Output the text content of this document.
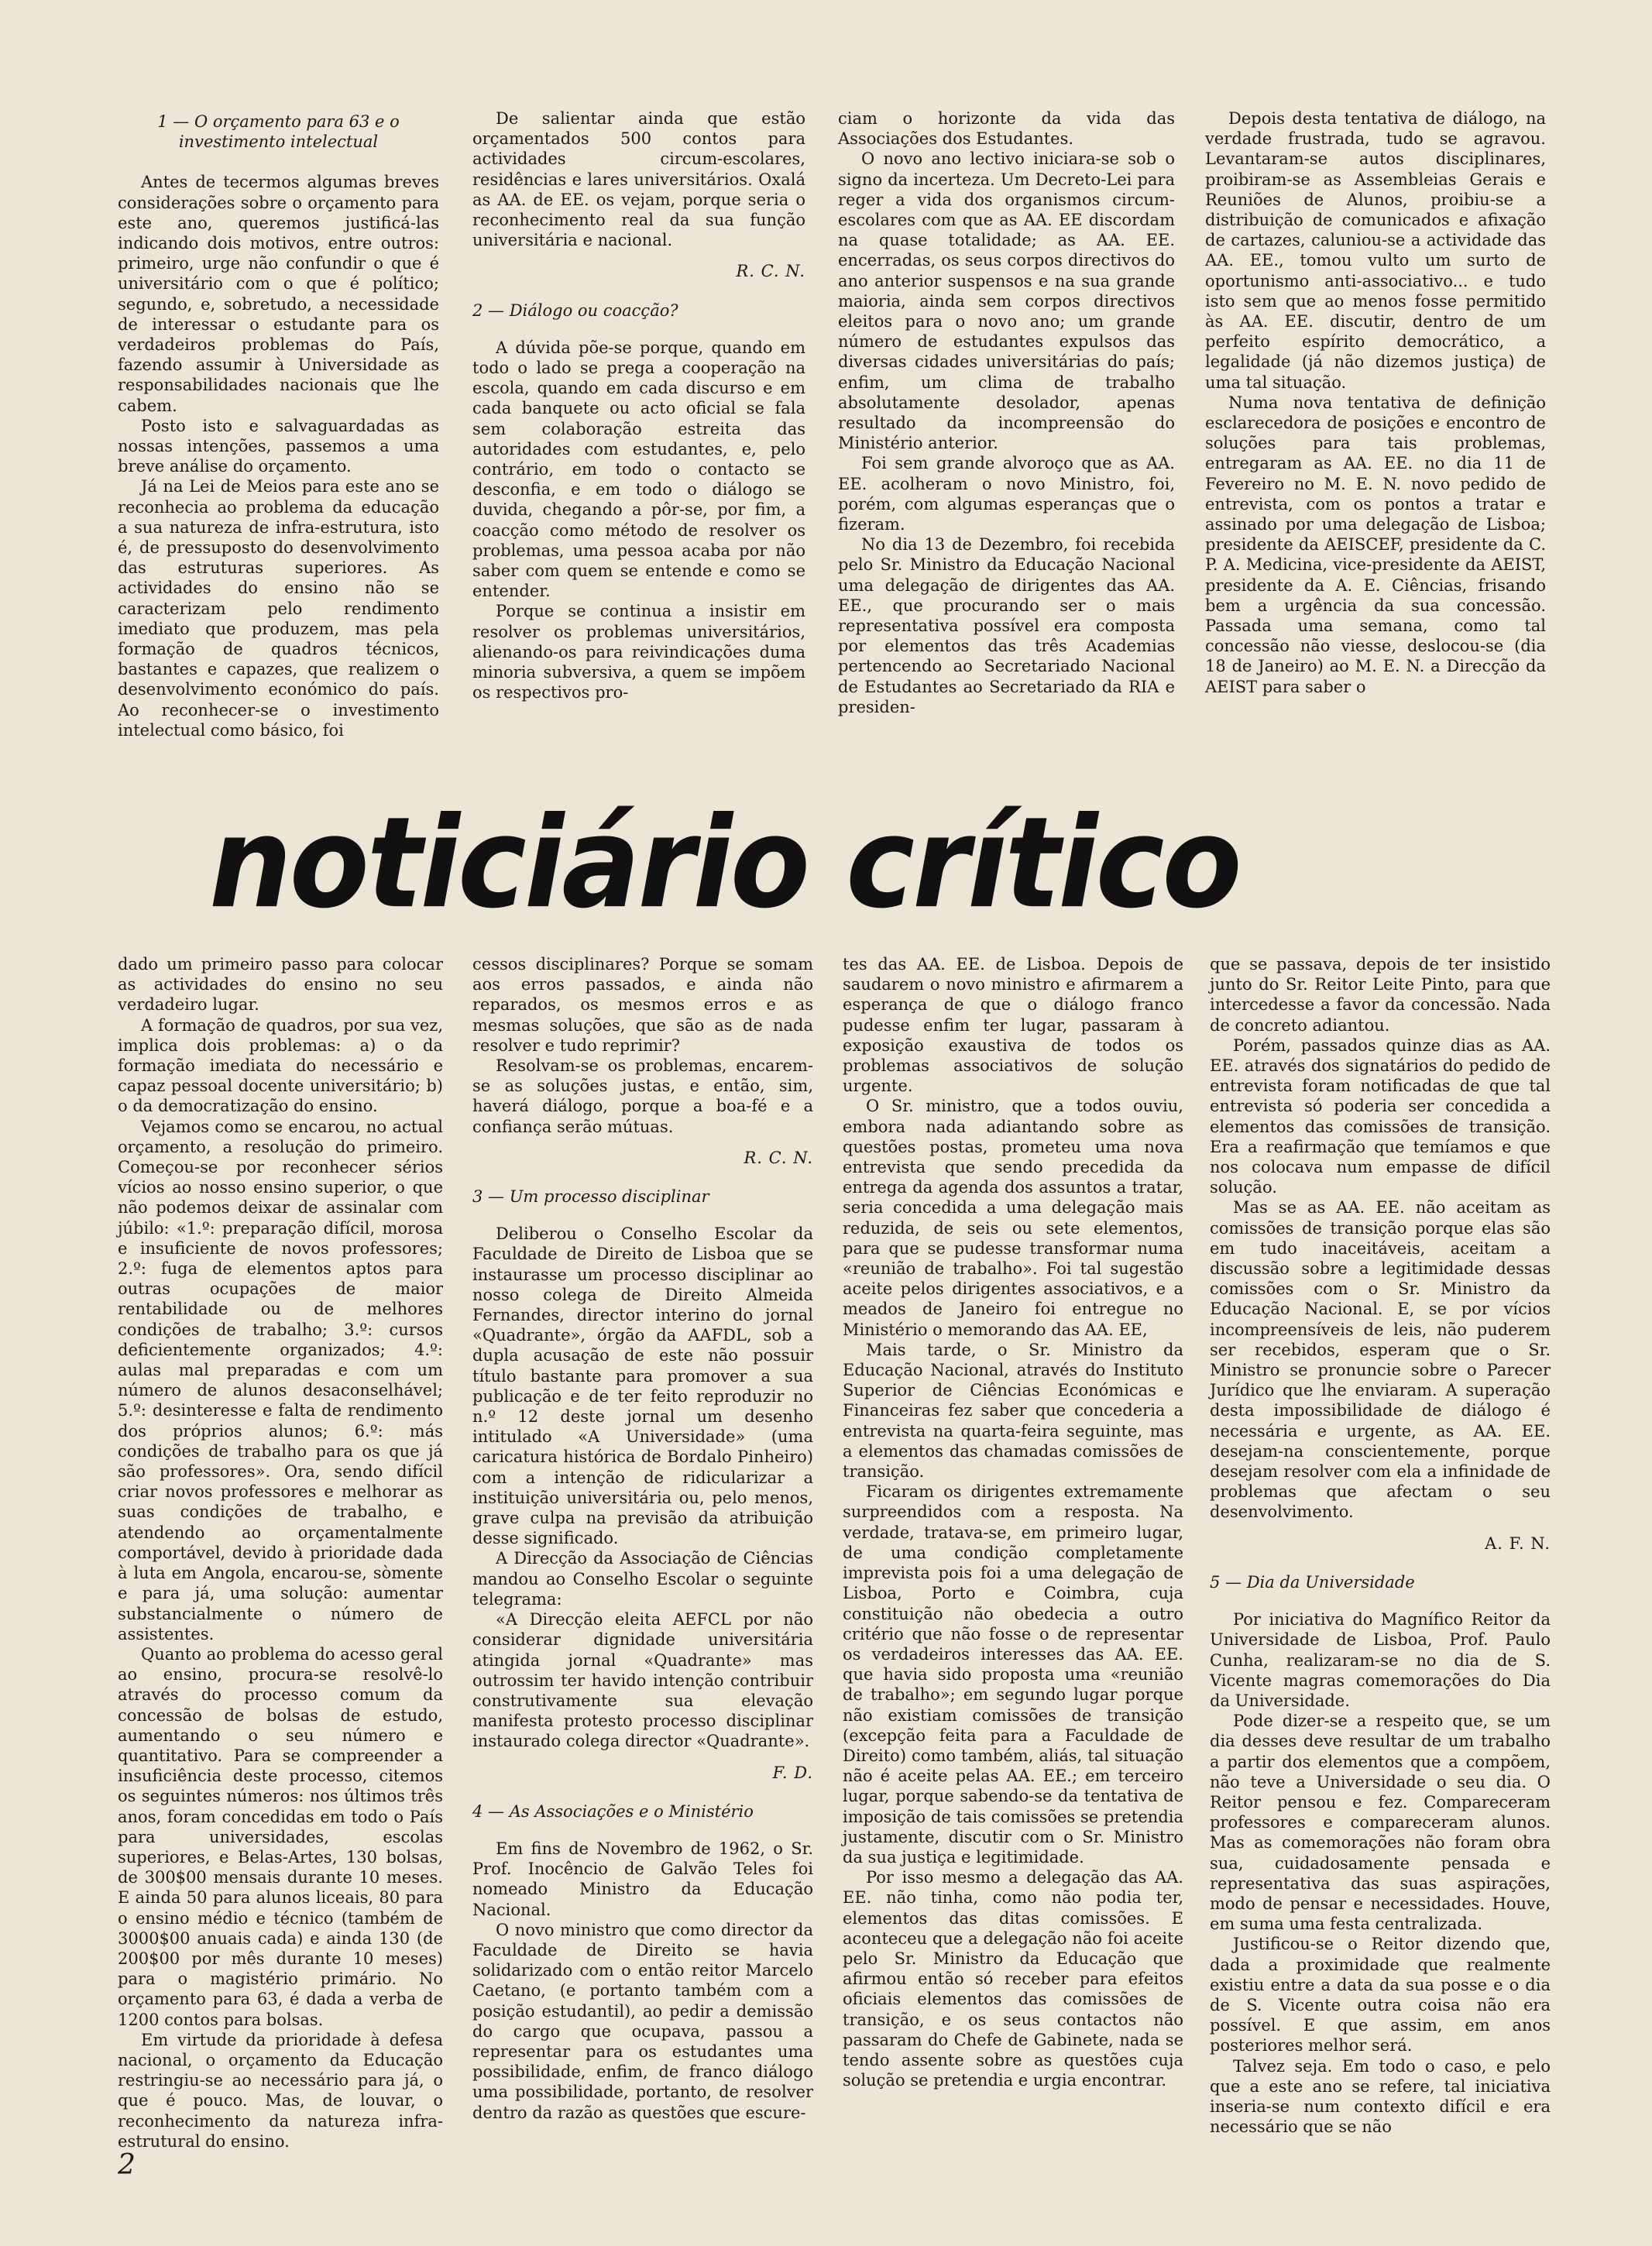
1 — O orçamento para 63 e o investimento intelectual

Antes de tecermos algumas breves considerações sobre o orçamento para este ano, queremos justificá-las indicando dois motivos, entre outros: primeiro, urge não confundir o que é universitário com o que é político; segundo, e, sobretudo, a necessidade de interessar o estudante para os verdadeiros problemas do País, fazendo assumir à Universidade as responsabilidades nacionais que lhe cabem.

Posto isto e salvaguardadas as nossas intenções, passemos a uma breve análise do orçamento.

Já na Lei de Meios para este ano se reconhecia ao problema da educação a sua natureza de infra-estrutura, isto é, de pressuposto do desenvolvimento das estruturas superiores. As actividades do ensino não se caracterizam pelo rendimento imediato que produzem, mas pela formação de quadros técnicos, bastantes e capazes, que realizem o desenvolvimento económico do país. Ao reconhecer-se o investimento intelectual como básico, foi

De salientar ainda que estão orçamentados 500 contos para actividades circum-escolares, residências e lares universitários. Oxalá as AA. de EE. os vejam, porque seria o reconhecimento real da sua função universitária e nacional.

R. C. N.
2 — Diálogo ou coacção?

A dúvida põe-se porque, quando em todo o lado se prega a cooperação na escola, quando em cada discurso e em cada banquete ou acto oficial se fala sem colaboração estreita das autoridades com estudantes, e, pelo contrário, em todo o contacto se desconfia, e em todo o diálogo se duvida, chegando a pôr-se, por fim, a coacção como método de resolver os problemas, uma pessoa acaba por não saber com quem se entende e como se entender.

Porque se continua a insistir em resolver os problemas universitários, alienando-os para reivindicações duma minoria subversiva, a quem se impõem os respectivos pro-

ciam o horizonte da vida das Associações dos Estudantes.

O novo ano lectivo iniciara-se sob o signo da incerteza. Um Decreto-Lei para reger a vida dos organismos circum-escolares com que as AA. EE discordam na quase totalidade; as AA. EE. encerradas, os seus corpos directivos do ano anterior suspensos e na sua grande maioria, ainda sem corpos directivos eleitos para o novo ano; um grande número de estudantes expulsos das diversas cidades universitárias do país; enfim, um clima de trabalho absolutamente desolador, apenas resultado da incompreensão do Ministério anterior.

Foi sem grande alvoroço que as AA. EE. acolheram o novo Ministro, foi, porém, com algumas esperanças que o fizeram.

No dia 13 de Dezembro, foi recebida pelo Sr. Ministro da Educação Nacional uma delegação de dirigentes das AA. EE., que procurando ser o mais representativa possível era composta por elementos das três Academias pertencendo ao Secretariado Nacional de Estudantes ao Secretariado da RIA e presiden-

Depois desta tentativa de diálogo, na verdade frustrada, tudo se agravou. Levantaram-se autos disciplinares, proibiram-se as Assembleias Gerais e Reuniões de Alunos, proibiu-se a distribuição de comunicados e afixação de cartazes, caluniou-se a actividade das AA. EE., tomou vulto um surto de oportunismo anti-associativo... e tudo isto sem que ao menos fosse permitido às AA. EE. discutir, dentro de um perfeito espírito democrático, a legalidade (já não dizemos justiça) de uma tal situação.

Numa nova tentativa de definição esclarecedora de posições e encontro de soluções para tais problemas, entregaram as AA. EE. no dia 11 de Fevereiro no M. E. N. novo pedido de entrevista, com os pontos a tratar e assinado por uma delegação de Lisboa; presidente da AEISCEF, presidente da C. P. A. Medicina, vice-presidente da AEIST, presidente da A. E. Ciências, frisando bem a urgência da sua concessão. Passada uma semana, como tal concessão não viesse, deslocou-se (dia 18 de Janeiro) ao M. E. N. a Direcção da AEIST para saber o

noticiário crítico

dado um primeiro passo para colocar as actividades do ensino no seu verdadeiro lugar.

A formação de quadros, por sua vez, implica dois problemas: a) o da formação imediata do necessário e capaz pessoal docente universitário; b) o da democratização do ensino.

Vejamos como se encarou, no actual orçamento, a resolução do primeiro. Começou-se por reconhecer sérios vícios ao nosso ensino superior, o que não podemos deixar de assinalar com júbilo: «1.º: preparação difícil, morosa e insuficiente de novos professores; 2.º: fuga de elementos aptos para outras ocupações de maior rentabilidade ou de melhores condições de trabalho; 3.º: cursos deficientemente organizados; 4.º: aulas mal preparadas e com um número de alunos desaconselhável; 5.º: desinteresse e falta de rendimento dos próprios alunos; 6.º: más condições de trabalho para os que já são professores». Ora, sendo difícil criar novos professores e melhorar as suas condições de trabalho, e atendendo ao orçamentalmente comportável, devido à prioridade dada à luta em Angola, encarou-se, sòmente e para já, uma solução: aumentar substancialmente o número de assistentes.

Quanto ao problema do acesso geral ao ensino, procura-se resolvê-lo através do processo comum da concessão de bolsas de estudo, aumentando o seu número e quantitativo. Para se compreender a insuficiência deste processo, citemos os seguintes números: nos últimos três anos, foram concedidas em todo o País para universidades, escolas superiores, e Belas-Artes, 130 bolsas, de 300$00 mensais durante 10 meses. E ainda 50 para alunos liceais, 80 para o ensino médio e técnico (também de 3000$00 anuais cada) e ainda 130 (de 200$00 por mês durante 10 meses) para o magistério primário. No orçamento para 63, é dada a verba de 1200 contos para bolsas.

Em virtude da prioridade à defesa nacional, o orçamento da Educação restringiu-se ao necessário para já, o que é pouco. Mas, de louvar, o reconhecimento da natureza infra-estrutural do ensino.

cessos disciplinares? Porque se somam aos erros passados, e ainda não reparados, os mesmos erros e as mesmas soluções, que são as de nada resolver e tudo reprimir?

Resolvam-se os problemas, encarem-se as soluções justas, e então, sim, haverá diálogo, porque a boa-fé e a confiança serão mútuas.

R. C. N.
3 — Um processo disciplinar

Deliberou o Conselho Escolar da Faculdade de Direito de Lisboa que se instaurasse um processo disciplinar ao nosso colega de Direito Almeida Fernandes, director interino do jornal «Quadrante», órgão da AAFDL, sob a dupla acusação de este não possuir título bastante para promover a sua publicação e de ter feito reproduzir no n.º 12 deste jornal um desenho intitulado «A Universidade» (uma caricatura histórica de Bordalo Pinheiro) com a intenção de ridicularizar a instituição universitária ou, pelo menos, grave culpa na previsão da atribuição desse significado.

A Direcção da Associação de Ciências mandou ao Conselho Escolar o seguinte telegrama:

«A Direcção eleita AEFCL por não considerar dignidade universitária atingida jornal «Quadrante» mas outrossim ter havido intenção contribuir construtivamente sua elevação manifesta protesto processo disciplinar instaurado colega director «Quadrante».

F. D.
4 — As Associações e o Ministério

Em fins de Novembro de 1962, o Sr. Prof. Inocêncio de Galvão Teles foi nomeado Ministro da Educação Nacional.

O novo ministro que como director da Faculdade de Direito se havia solidarizado com o então reitor Marcelo Caetano, (e portanto também com a posição estudantil), ao pedir a demissão do cargo que ocupava, passou a representar para os estudantes uma possibilidade, enfim, de franco diálogo uma possibilidade, portanto, de resolver dentro da razão as questões que escure-

tes das AA. EE. de Lisboa. Depois de saudarem o novo ministro e afirmarem a esperança de que o diálogo franco pudesse enfim ter lugar, passaram à exposição exaustiva de todos os problemas associativos de solução urgente.

O Sr. ministro, que a todos ouviu, embora nada adiantando sobre as questões postas, prometeu uma nova entrevista que sendo precedida da entrega da agenda dos assuntos a tratar, seria concedida a uma delegação mais reduzida, de seis ou sete elementos, para que se pudesse transformar numa «reunião de trabalho». Foi tal sugestão aceite pelos dirigentes associativos, e a meados de Janeiro foi entregue no Ministério o memorando das AA. EE,

Mais tarde, o Sr. Ministro da Educação Nacional, através do Instituto Superior de Ciências Económicas e Financeiras fez saber que concederia a entrevista na quarta-feira seguinte, mas a elementos das chamadas comissões de transição.

Ficaram os dirigentes extremamente surpreendidos com a resposta. Na verdade, tratava-se, em primeiro lugar, de uma condição completamente imprevista pois foi a uma delegação de Lisboa, Porto e Coimbra, cuja constituição não obedecia a outro critério que não fosse o de representar os verdadeiros interesses das AA. EE. que havia sido proposta uma «reunião de trabalho»; em segundo lugar porque não existiam comissões de transição (excepção feita para a Faculdade de Direito) como também, aliás, tal situação não é aceite pelas AA. EE.; em terceiro lugar, porque sabendo-se da tentativa de imposição de tais comissões se pretendia justamente, discutir com o Sr. Ministro da sua justiça e legitimidade.

Por isso mesmo a delegação das AA. EE. não tinha, como não podia ter, elementos das ditas comissões. E aconteceu que a delegação não foi aceite pelo Sr. Ministro da Educação que afirmou então só receber para efeitos oficiais elementos das comissões de transição, e os seus contactos não passaram do Chefe de Gabinete, nada se tendo assente sobre as questões cuja solução se pretendia e urgia encontrar.

que se passava, depois de ter insistido junto do Sr. Reitor Leite Pinto, para que intercedesse a favor da concessão. Nada de concreto adiantou.

Porém, passados quinze dias as AA. EE. através dos signatários do pedido de entrevista foram notificadas de que tal entrevista só poderia ser concedida a elementos das comissões de transição. Era a reafirmação que temíamos e que nos colocava num empasse de difícil solução.

Mas se as AA. EE. não aceitam as comissões de transição porque elas são em tudo inaceitáveis, aceitam a discussão sobre a legitimidade dessas comissões com o Sr. Ministro da Educação Nacional. E, se por vícios incompreensíveis de leis, não puderem ser recebidos, esperam que o Sr. Ministro se pronuncie sobre o Parecer Jurídico que lhe enviaram. A superação desta impossibilidade de diálogo é necessária e urgente, as AA. EE. desejam-na conscientemente, porque desejam resolver com ela a infinidade de problemas que afectam o seu desenvolvimento.

A. F. N.
5 — Dia da Universidade

Por iniciativa do Magnífico Reitor da Universidade de Lisboa, Prof. Paulo Cunha, realizaram-se no dia de S. Vicente magras comemorações do Dia da Universidade.

Pode dizer-se a respeito que, se um dia desses deve resultar de um trabalho a partir dos elementos que a compõem, não teve a Universidade o seu dia. O Reitor pensou e fez. Compareceram professores e compareceram alunos. Mas as comemorações não foram obra sua, cuidadosamente pensada e representativa das suas aspirações, modo de pensar e necessidades. Houve, em suma uma festa centralizada.

Justificou-se o Reitor dizendo que, dada a proximidade que realmente existiu entre a data da sua posse e o dia de S. Vicente outra coisa não era possível. E que assim, em anos posteriores melhor será.

Talvez seja. Em todo o caso, e pelo que a este ano se refere, tal iniciativa inseria-se num contexto difícil e era necessário que se não

2
